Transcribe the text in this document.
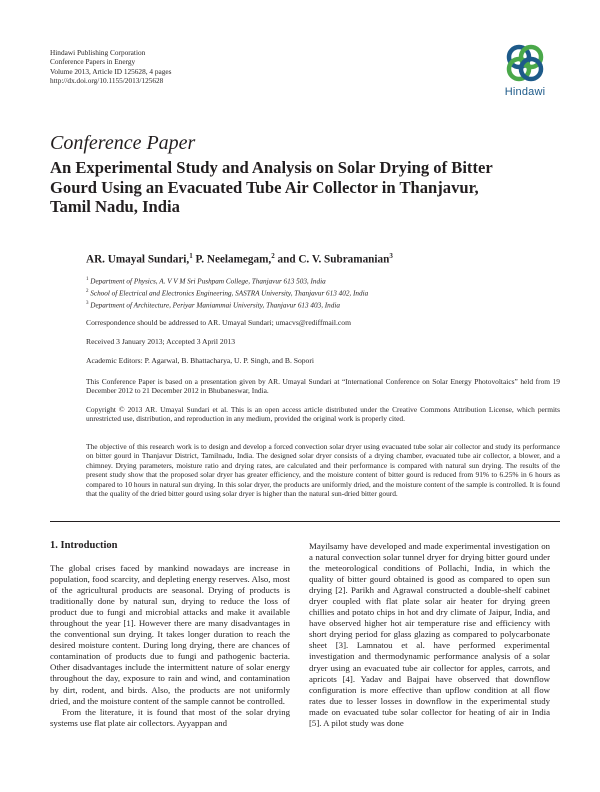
Hindawi Publishing Corporation
Conference Papers in Energy
Volume 2013, Article ID 125628, 4 pages
http://dx.doi.org/10.1155/2013/125628
Hindawi
Conference Paper
An Experimental Study and Analysis on Solar Drying of Bitter Gourd Using an Evacuated Tube Air Collector in Thanjavur, Tamil Nadu, India
AR. Umayal Sundari,$^1$ P. Neelamegam,$^2$ and C. V. Subramanian$^3$
$^1$ Department of Physics, A. V V M Sri Pushpam College, Thanjavur 613 503, India
$^2$ School of Electrical and Electronics Engineering, SASTRA University, Thanjavur 613 402, India
$^3$ Department of Architecture, Periyar Maniammai University, Thanjavur 613 403, India
Correspondence should be addressed to AR. Umayal Sundari; umacvs@rediffmail.com
Received 3 January 2013; Accepted 3 April 2013
Academic Editors: P. Agarwal, B. Bhattacharya, U. P. Singh, and B. Sopori
This Conference Paper is based on a presentation given by AR. Umayal Sundari at “International Conference on Solar Energy Photovoltaics” held from 19 December 2012 to 21 December 2012 in Bhubaneswar, India.
Copyright © 2013 AR. Umayal Sundari et al. This is an open access article distributed under the Creative Commons Attribution License, which permits unrestricted use, distribution, and reproduction in any medium, provided the original work is properly cited.
The objective of this research work is to design and develop a forced convection solar dryer using evacuated tube solar air collector and study its performance on bitter gourd in Thanjavur District, Tamilnadu, India. The designed solar dryer consists of a drying chamber, evacuated tube air collector, a blower, and a chimney. Drying parameters, moisture ratio and drying rates, are calculated and their performance is compared with natural sun drying. The results of the present study show that the proposed solar dryer has greater efficiency, and the moisture content of bitter gourd is reduced from 91% to 6.25% in 6 hours as compared to 10 hours in natural sun drying. In this solar dryer, the products are uniformly dried, and the moisture content of the sample is controlled. It is found that the quality of the dried bitter gourd using solar dryer is higher than the natural sun-dried bitter gourd.
1. Introduction

The global crises faced by mankind nowadays are increase in population, food scarcity, and depleting energy reserves. Also, most of the agricultural products are seasonal. Drying of products is traditionally done by natural sun, drying to reduce the loss of product due to fungi and microbial attacks and make it available throughout the year [1]. However there are many disadvantages in the conventional sun drying. It takes longer duration to reach the desired moisture content. During long drying, there are chances of contamination of products due to fungi and pathogenic bacteria. Other disadvantages include the intermittent nature of solar energy throughout the day, exposure to rain and wind, and contamination by dirt, rodent, and birds. Also, the products are not uniformly dried, and the moisture content of the sample cannot be controlled.

From the literature, it is found that most of the solar drying systems use flat plate air collectors. Ayyappan and

Mayilsamy have developed and made experimental investigation on a natural convection solar tunnel dryer for drying bitter gourd under the meteorological conditions of Pollachi, India, in which the quality of bitter gourd obtained is good as compared to open sun drying [2]. Parikh and Agrawal constructed a double-shelf cabinet dryer coupled with flat plate solar air heater for drying green chillies and potato chips in hot and dry climate of Jaipur, India, and have observed higher hot air temperature rise and efficiency with short drying period for glass glazing as compared to polycarbonate sheet [3]. Lamnatou et al. have performed experimental investigation and thermodynamic performance analysis of a solar dryer using an evacuated tube air collector for apples, carrots, and apricots [4]. Yadav and Bajpai have observed that downflow configuration is more effective than upflow condition at all flow rates due to lesser losses in downflow in the experimental study made on evacuated tube solar collector for heating of air in India [5]. A pilot study was done
